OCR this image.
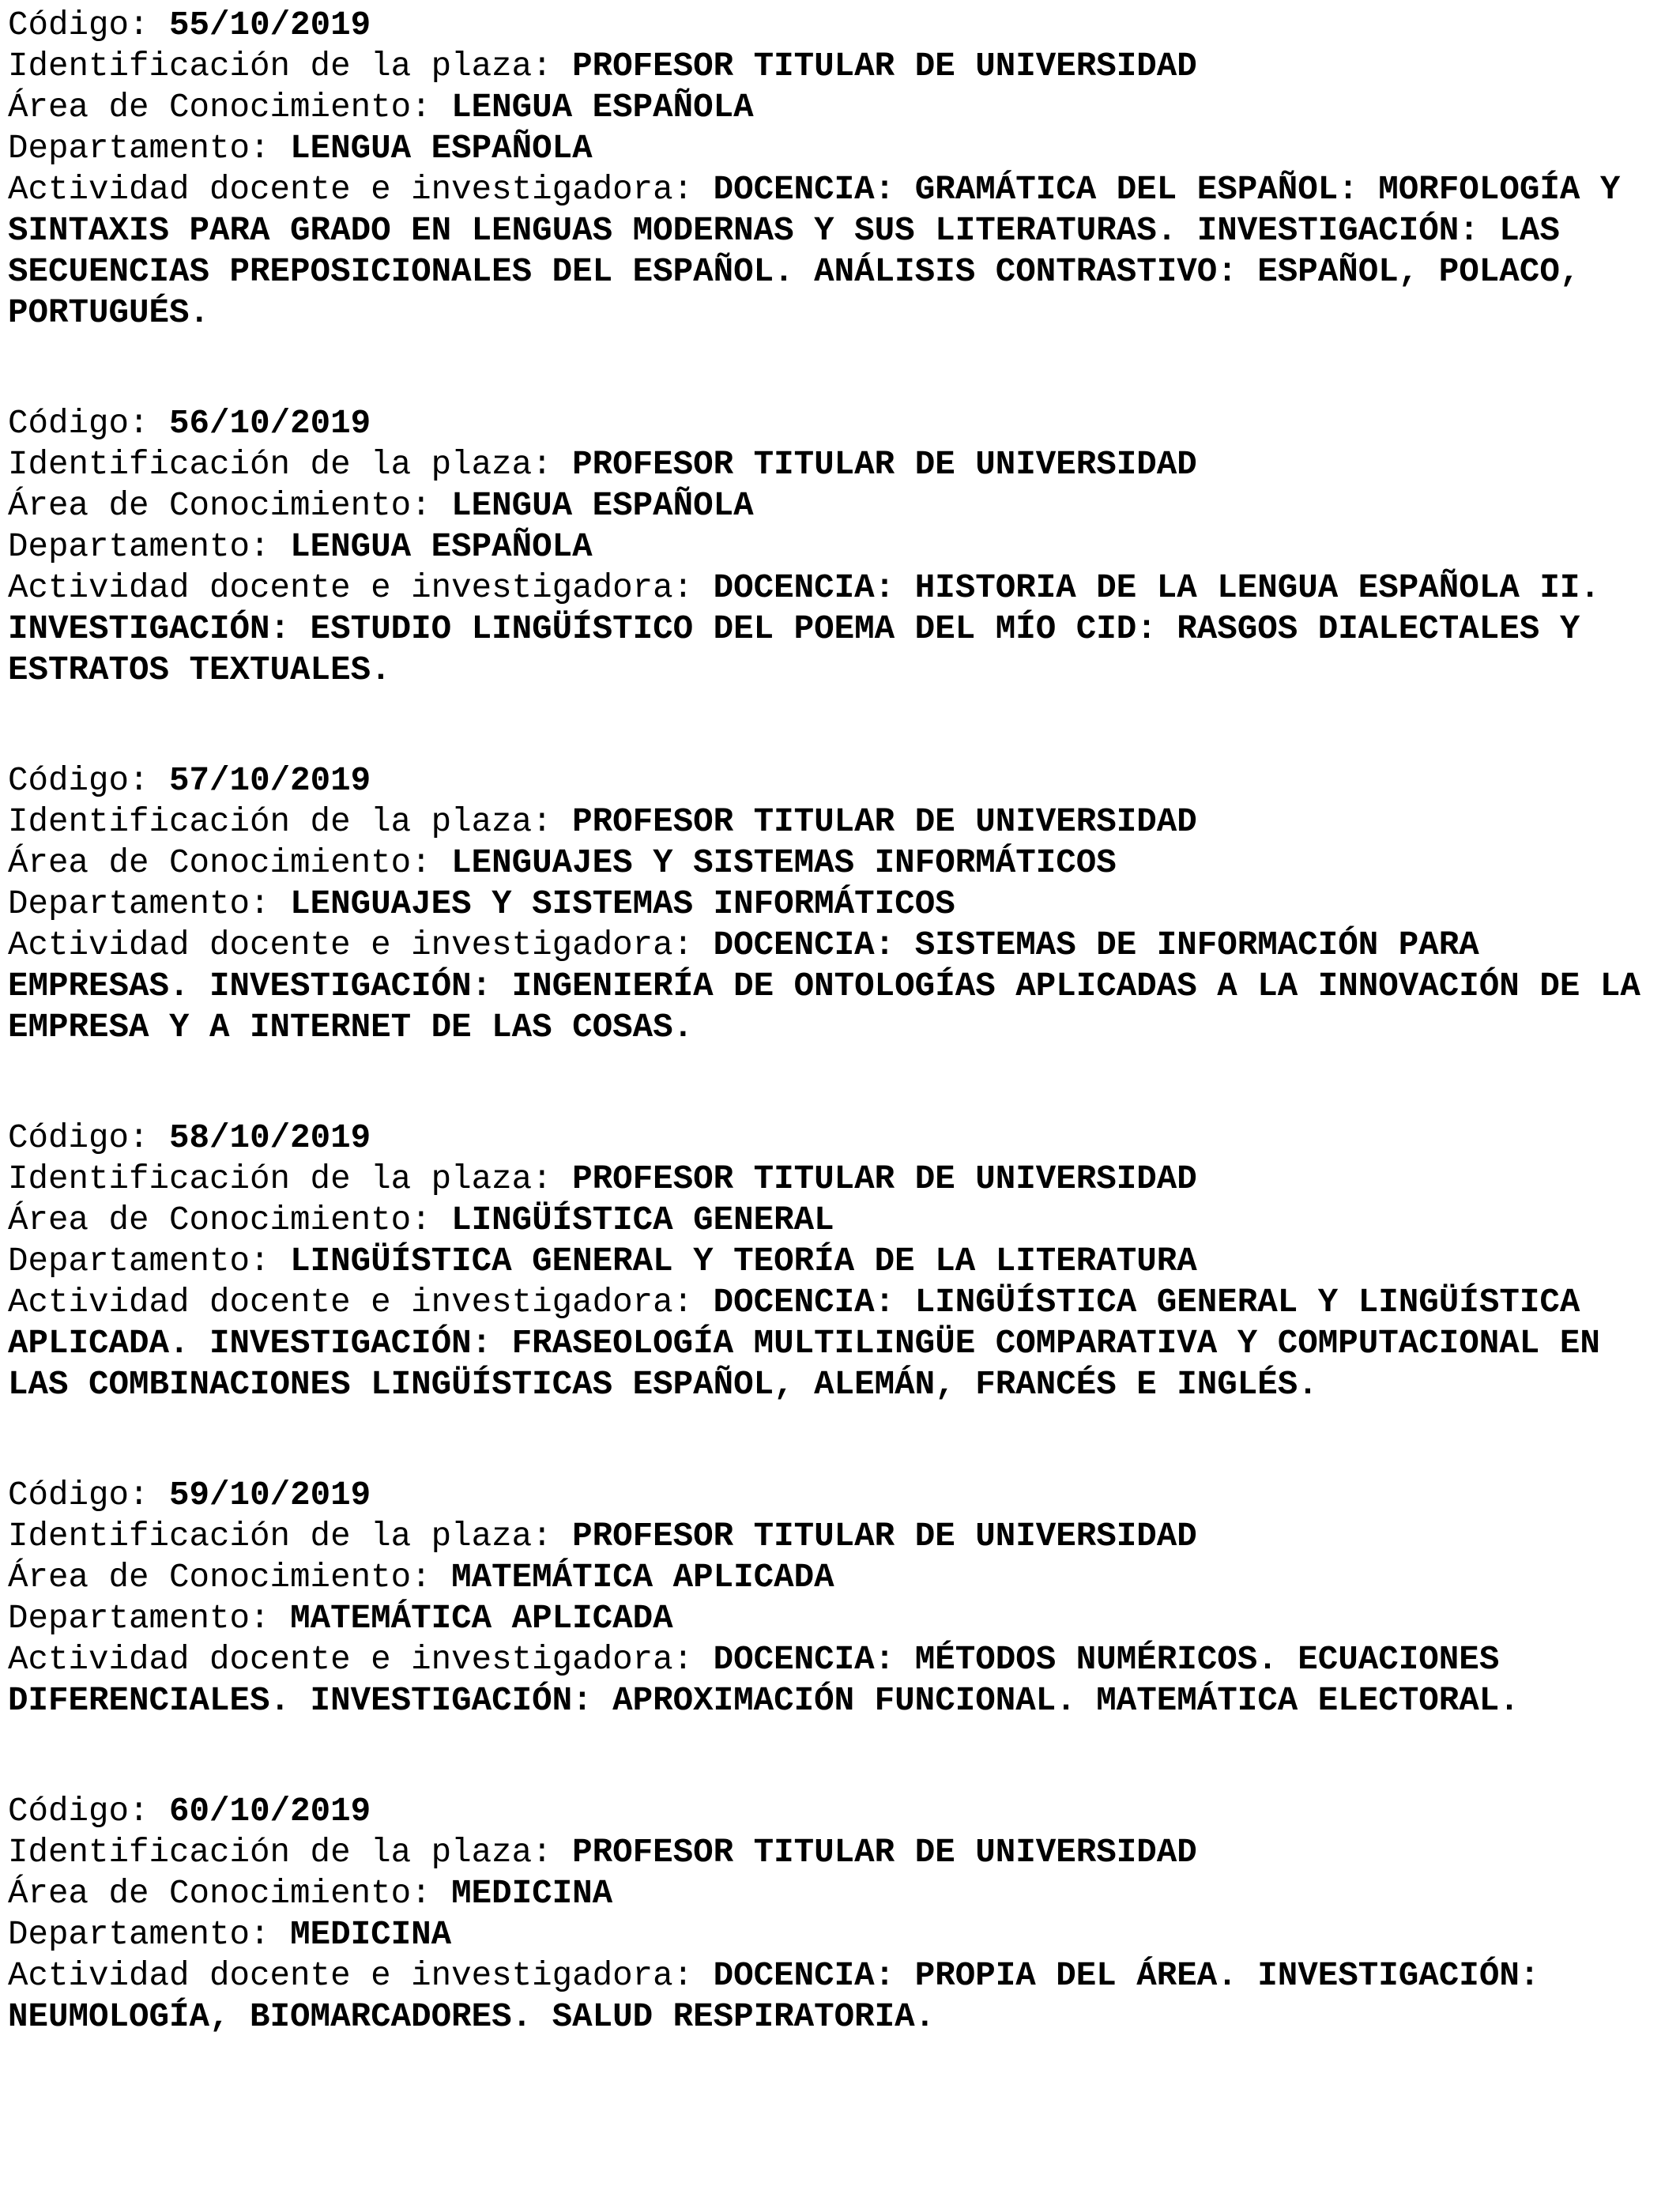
Código: 55/10/2019
Identificación de la plaza: PROFESOR TITULAR DE UNIVERSIDAD
Área de Conocimiento: LENGUA ESPAÑOLA
Departamento: LENGUA ESPAÑOLA
Actividad docente e investigadora: DOCENCIA: GRAMÁTICA DEL ESPAÑOL: MORFOLOGÍA Y SINTAXIS PARA GRADO EN LENGUAS MODERNAS Y SUS LITERATURAS. INVESTIGACIÓN: LAS SECUENCIAS PREPOSICIONALES DEL ESPAÑOL. ANÁLISIS CONTRASTIVO: ESPAÑOL, POLACO, PORTUGUÉS.
Código: 56/10/2019
Identificación de la plaza: PROFESOR TITULAR DE UNIVERSIDAD
Área de Conocimiento: LENGUA ESPAÑOLA
Departamento: LENGUA ESPAÑOLA
Actividad docente e investigadora: DOCENCIA: HISTORIA DE LA LENGUA ESPAÑOLA II. INVESTIGACIÓN: ESTUDIO LINGÜÍSTICO DEL POEMA DEL MÍO CID: RASGOS DIALECTALES Y ESTRATOS TEXTUALES.
Código: 57/10/2019
Identificación de la plaza: PROFESOR TITULAR DE UNIVERSIDAD
Área de Conocimiento: LENGUAJES Y SISTEMAS INFORMÁTICOS
Departamento: LENGUAJES Y SISTEMAS INFORMÁTICOS
Actividad docente e investigadora: DOCENCIA: SISTEMAS DE INFORMACIÓN PARA EMPRESAS. INVESTIGACIÓN: INGENIERÍA DE ONTOLOGÍAS APLICADAS A LA INNOVACIÓN DE LA EMPRESA Y A INTERNET DE LAS COSAS.
Código: 58/10/2019
Identificación de la plaza: PROFESOR TITULAR DE UNIVERSIDAD
Área de Conocimiento: LINGÜÍSTICA GENERAL
Departamento: LINGÜÍSTICA GENERAL Y TEORÍA DE LA LITERATURA
Actividad docente e investigadora: DOCENCIA: LINGÜÍSTICA GENERAL Y LINGÜÍSTICA APLICADA. INVESTIGACIÓN: FRASEOLOGÍA MULTILINGÜE COMPARATIVA Y COMPUTACIONAL EN LAS COMBINACIONES LINGÜÍSTICAS ESPAÑOL, ALEMÁN, FRANCÉS E INGLÉS.
Código: 59/10/2019
Identificación de la plaza: PROFESOR TITULAR DE UNIVERSIDAD
Área de Conocimiento: MATEMÁTICA APLICADA
Departamento: MATEMÁTICA APLICADA
Actividad docente e investigadora: DOCENCIA: MÉTODOS NUMÉRICOS. ECUACIONES DIFERENCIALES. INVESTIGACIÓN: APROXIMACIÓN FUNCIONAL. MATEMÁTICA ELECTORAL.
Código: 60/10/2019
Identificación de la plaza: PROFESOR TITULAR DE UNIVERSIDAD
Área de Conocimiento: MEDICINA
Departamento: MEDICINA
Actividad docente e investigadora: DOCENCIA: PROPIA DEL ÁREA. INVESTIGACIÓN: NEUMOLOGÍA, BIOMARCADORES. SALUD RESPIRATORIA.
